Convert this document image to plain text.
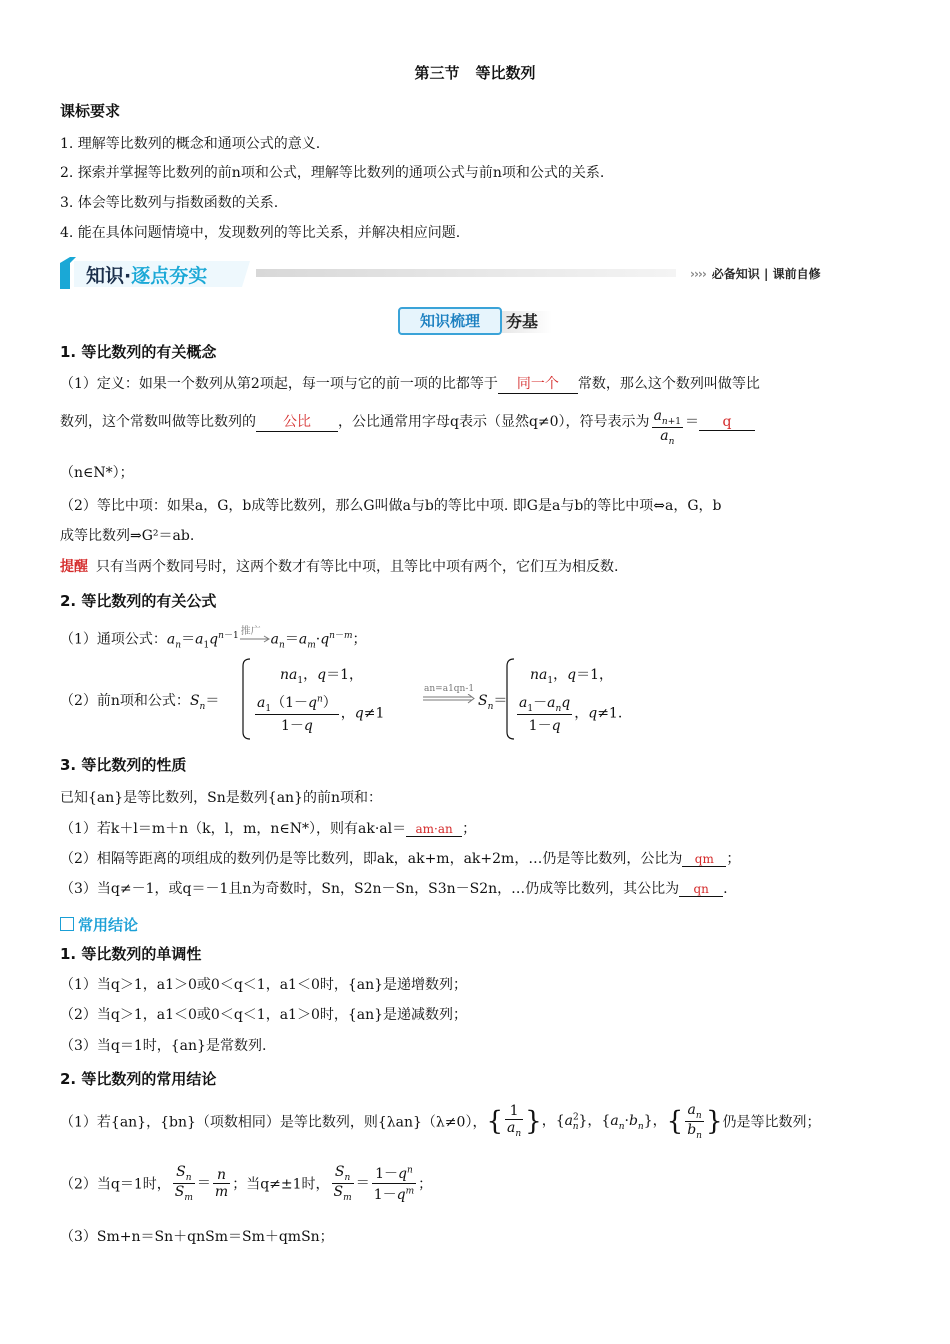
第三节 等比数列
课标要求
1. 理解等比数列的概念和通项公式的意义.
2. 探索并掌握等比数列的前n项和公式，理解等比数列的通项公式与前n项和公式的关系.
3. 体会等比数列与指数函数的关系.
4. 能在具体问题情境中，发现数列的等比关系，并解决相应问题.
知识·逐点夯实	›››› 必备知识 | 课前自修
知识梳理	夯基
1. 等比数列的有关概念
（1）定义：如果一个数列从第2项起，每一项与它的前一项的比都等于 同一个 常数，那么这个数列叫做等比
数列，这个常数叫做等比数列的 公比 ，公比通常用字母q表示（显然q≠0），符号表示为 $\frac{a_{n+1}}{a_n} = q$
（n∈N*）；
（2）等比中项：如果a，G，b成等比数列，那么G叫做a与b的等比中项. 即G是a与b的等比中项⇔a，G，b
成等比数列⇒G²＝ab.
提醒 只有当两个数同号时，这两个数才有等比中项，且等比中项有两个，它们互为相反数.
2. 等比数列的有关公式
（1）通项公式：$a_n=a_1q^{n-1}$ 推广
$a_n=a_m\cdot q^{n-m}$；
（2）前n项和公式：$S_n=$
$na_1$，q＝1，
$\frac{a_1(1-q^n)}{1-q}$ ，q≠1
an=a1qn-1
$S_n=$
$na_1$，q＝1，
$\frac{a_1-a_nq}{1-q}$ ，q≠1.
3. 等比数列的性质
已知{an}是等比数列，Sn是数列{an}的前n项和：
（1）若k＋l＝m＋n（k，l，m，n∈N*），则有ak·al＝ am·an ；
（2）相隔等距离的项组成的数列仍是等比数列，即ak，ak+m，ak+2m，…仍是等比数列，公比为 qm ；
（3）当q≠－1，或q＝－1且n为奇数时，Sn，S2n－Sn，S3n－S2n，…仍成等比数列，其公比为 qn .
常用结论
1. 等比数列的单调性
（1）当q＞1，a1＞0或0＜q＜1，a1＜0时，{an}是递增数列；
（2）当q＞1，a1＜0或0＜q＜1，a1＞0时，{an}是递减数列；
（3）当q＝1时，{an}是常数列.
2. 等比数列的常用结论
（1）若{an}，{bn}（项数相同）是等比数列，则{λan}（λ≠0），{ $\frac{1}{a_n}$ }，$\{a^2_n\}$，$\{a_n\cdot b_n\}$，{ $\frac{a_n}{b_n}$ }仍是等比数列；
（2）当q＝1时， $\frac{S_n}{S_m} = \frac{n}{m}$ ；当q≠±1时， $\frac{S_n}{S_m} = \frac{1-q^n}{1-q^m}$ ；
（3）Sm+n＝Sn＋qnSm＝Sm＋qmSn；
